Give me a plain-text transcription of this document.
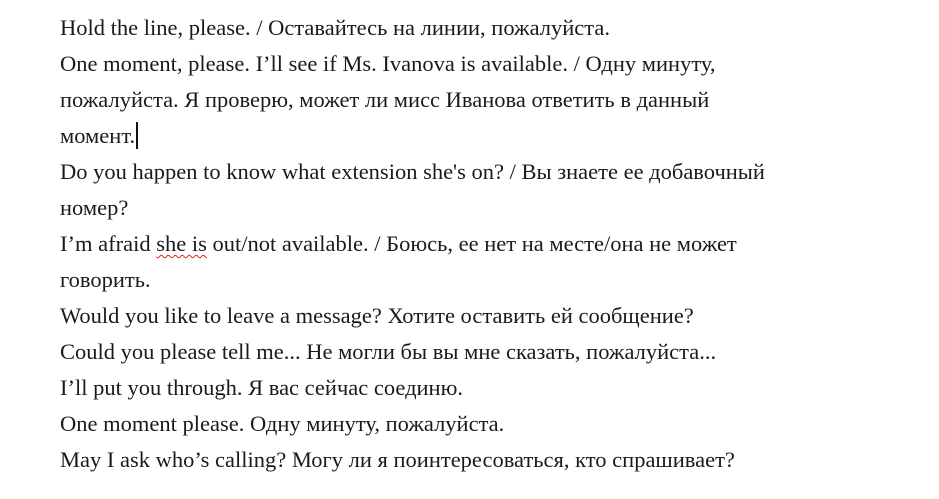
Hold the line, please. / Оставайтесь на линии, пожалуйста.
One moment, please. I’ll see if Ms. Ivanova is available. / Одну минуту,
пожалуйста. Я проверю, может ли мисс Иванова ответить в данный
момент.
Do you happen to know what extension she's on? / Вы знаете ее добавочный
номер?
I’m afraid she is out/not available. / Боюсь, ее нет на месте/она не может
говорить.
Would you like to leave a message? Хотите оставить ей сообщение?
Could you please tell me... Не могли бы вы мне сказать, пожалуйста...
I’ll put you through. Я вас сейчас соединю.
One moment please. Одну минуту, пожалуйста.
May I ask who’s calling? Могу ли я поинтересоваться, кто спрашивает?
